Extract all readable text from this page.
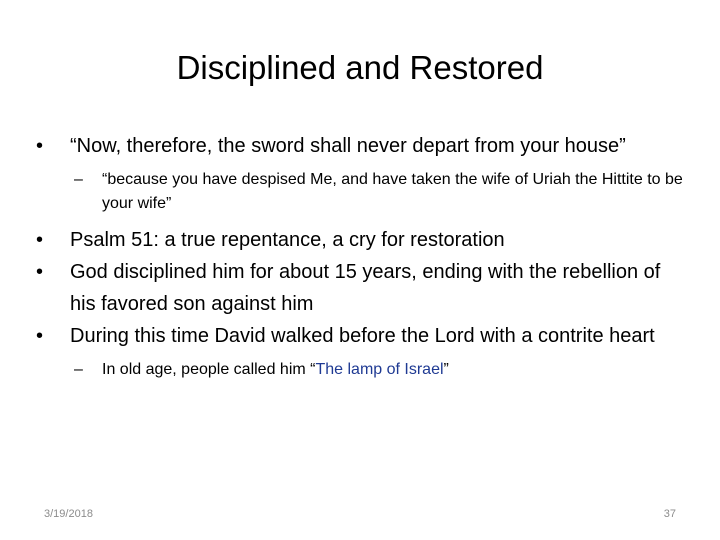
Disciplined and Restored
•	“Now, therefore, the sword shall never depart from your house”
– “because you have despised Me, and have taken the wife of Uriah the Hittite to be your wife”
•	Psalm 51: a true repentance, a cry for restoration
•	God disciplined him for about 15 years, ending with the rebellion of his favored son against him
•	During this time David walked before the Lord with a contrite heart
– In old age, people called him “The lamp of Israel”
3/19/2018	37
